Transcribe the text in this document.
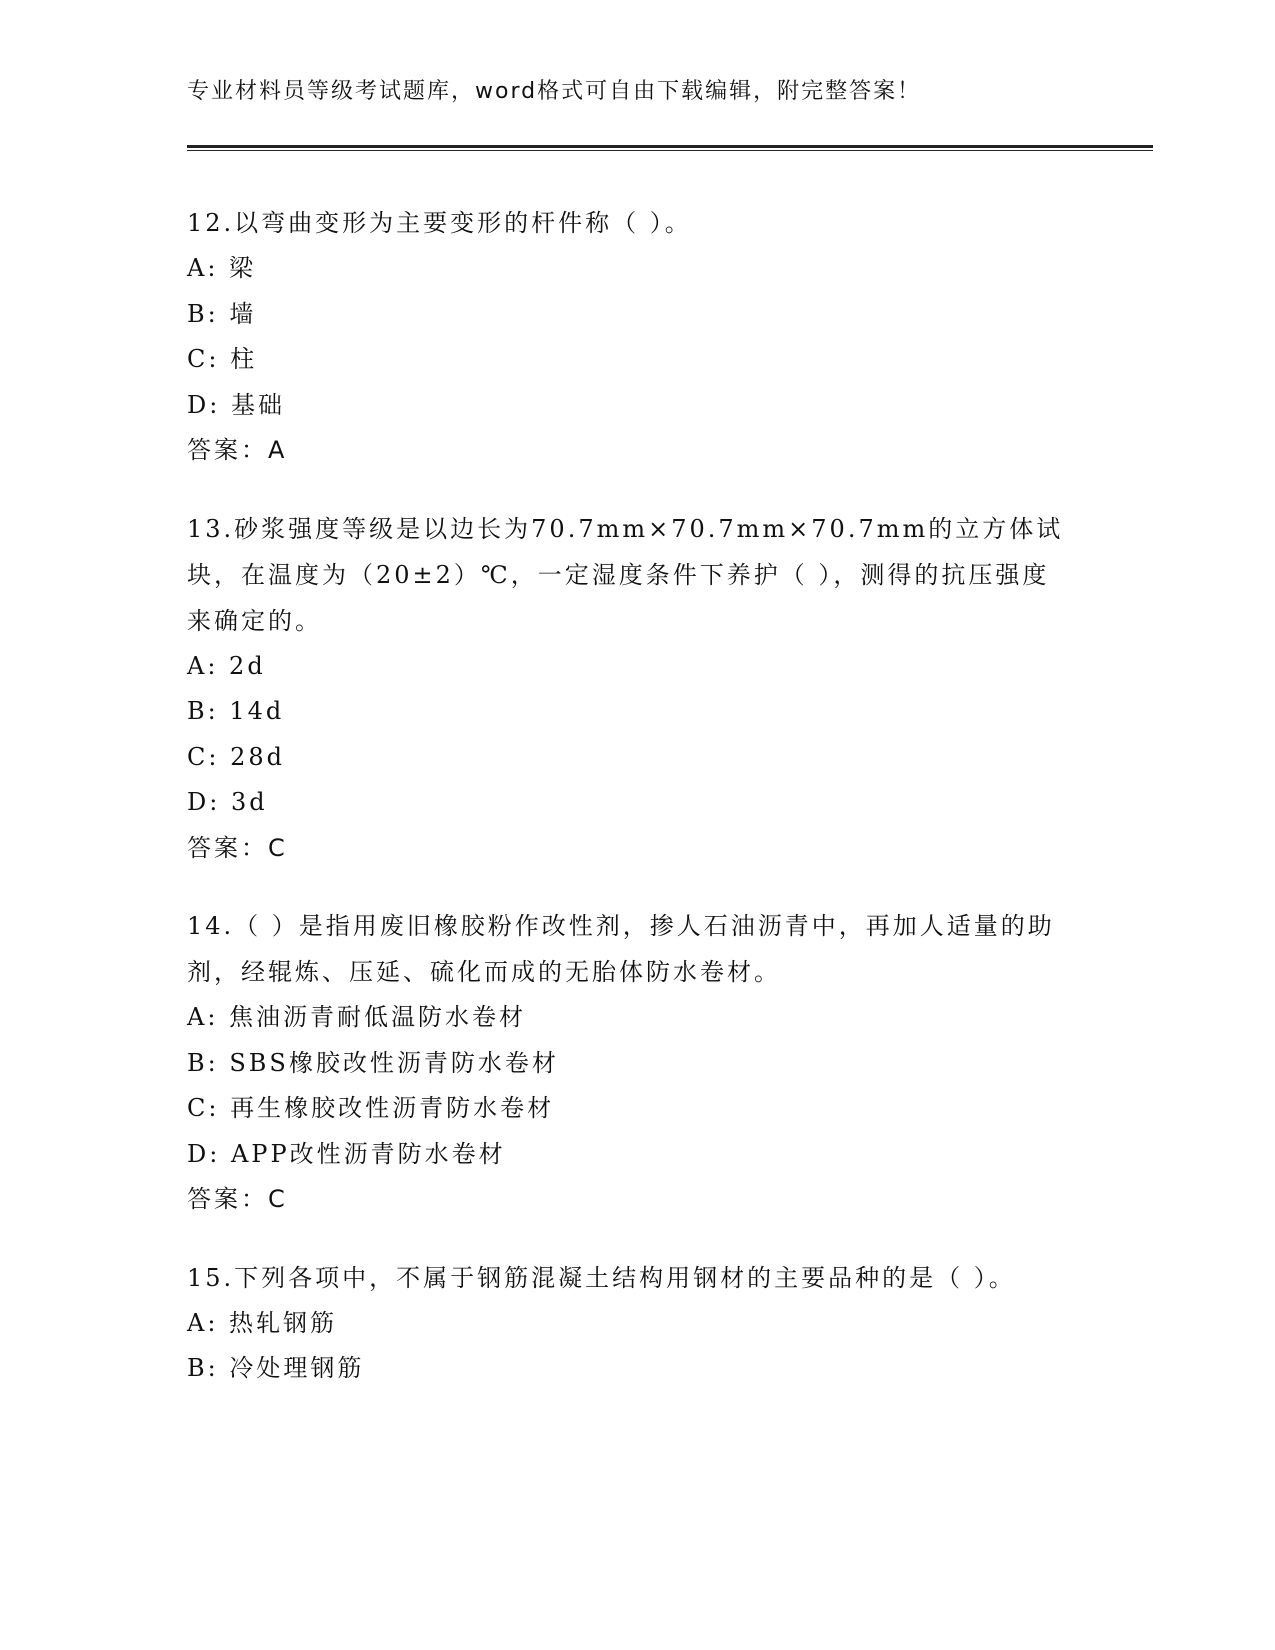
专业材料员等级考试题库，word格式可自由下载编辑，附完整答案！
12.以弯曲变形为主要变形的杆件称（ ）。
A: 梁
B: 墙
C: 柱
D: 基础
答案：A
13.砂浆强度等级是以边长为70.7mm×70.7mm×70.7mm的立方体试块，在温度为（20±2）℃，一定湿度条件下养护（ ），测得的抗压强度来确定的。
A: 2d
B: 14d
C: 28d
D: 3d
答案：C
14.（ ）是指用废旧橡胶粉作改性剂，掺人石油沥青中，再加人适量的助剂，经辊炼、压延、硫化而成的无胎体防水卷材。
A: 焦油沥青耐低温防水卷材
B: SBS橡胶改性沥青防水卷材
C: 再生橡胶改性沥青防水卷材
D: APP改性沥青防水卷材
答案：C
15.下列各项中，不属于钢筋混凝土结构用钢材的主要品种的是（ ）。
A: 热轧钢筋
B: 冷处理钢筋
